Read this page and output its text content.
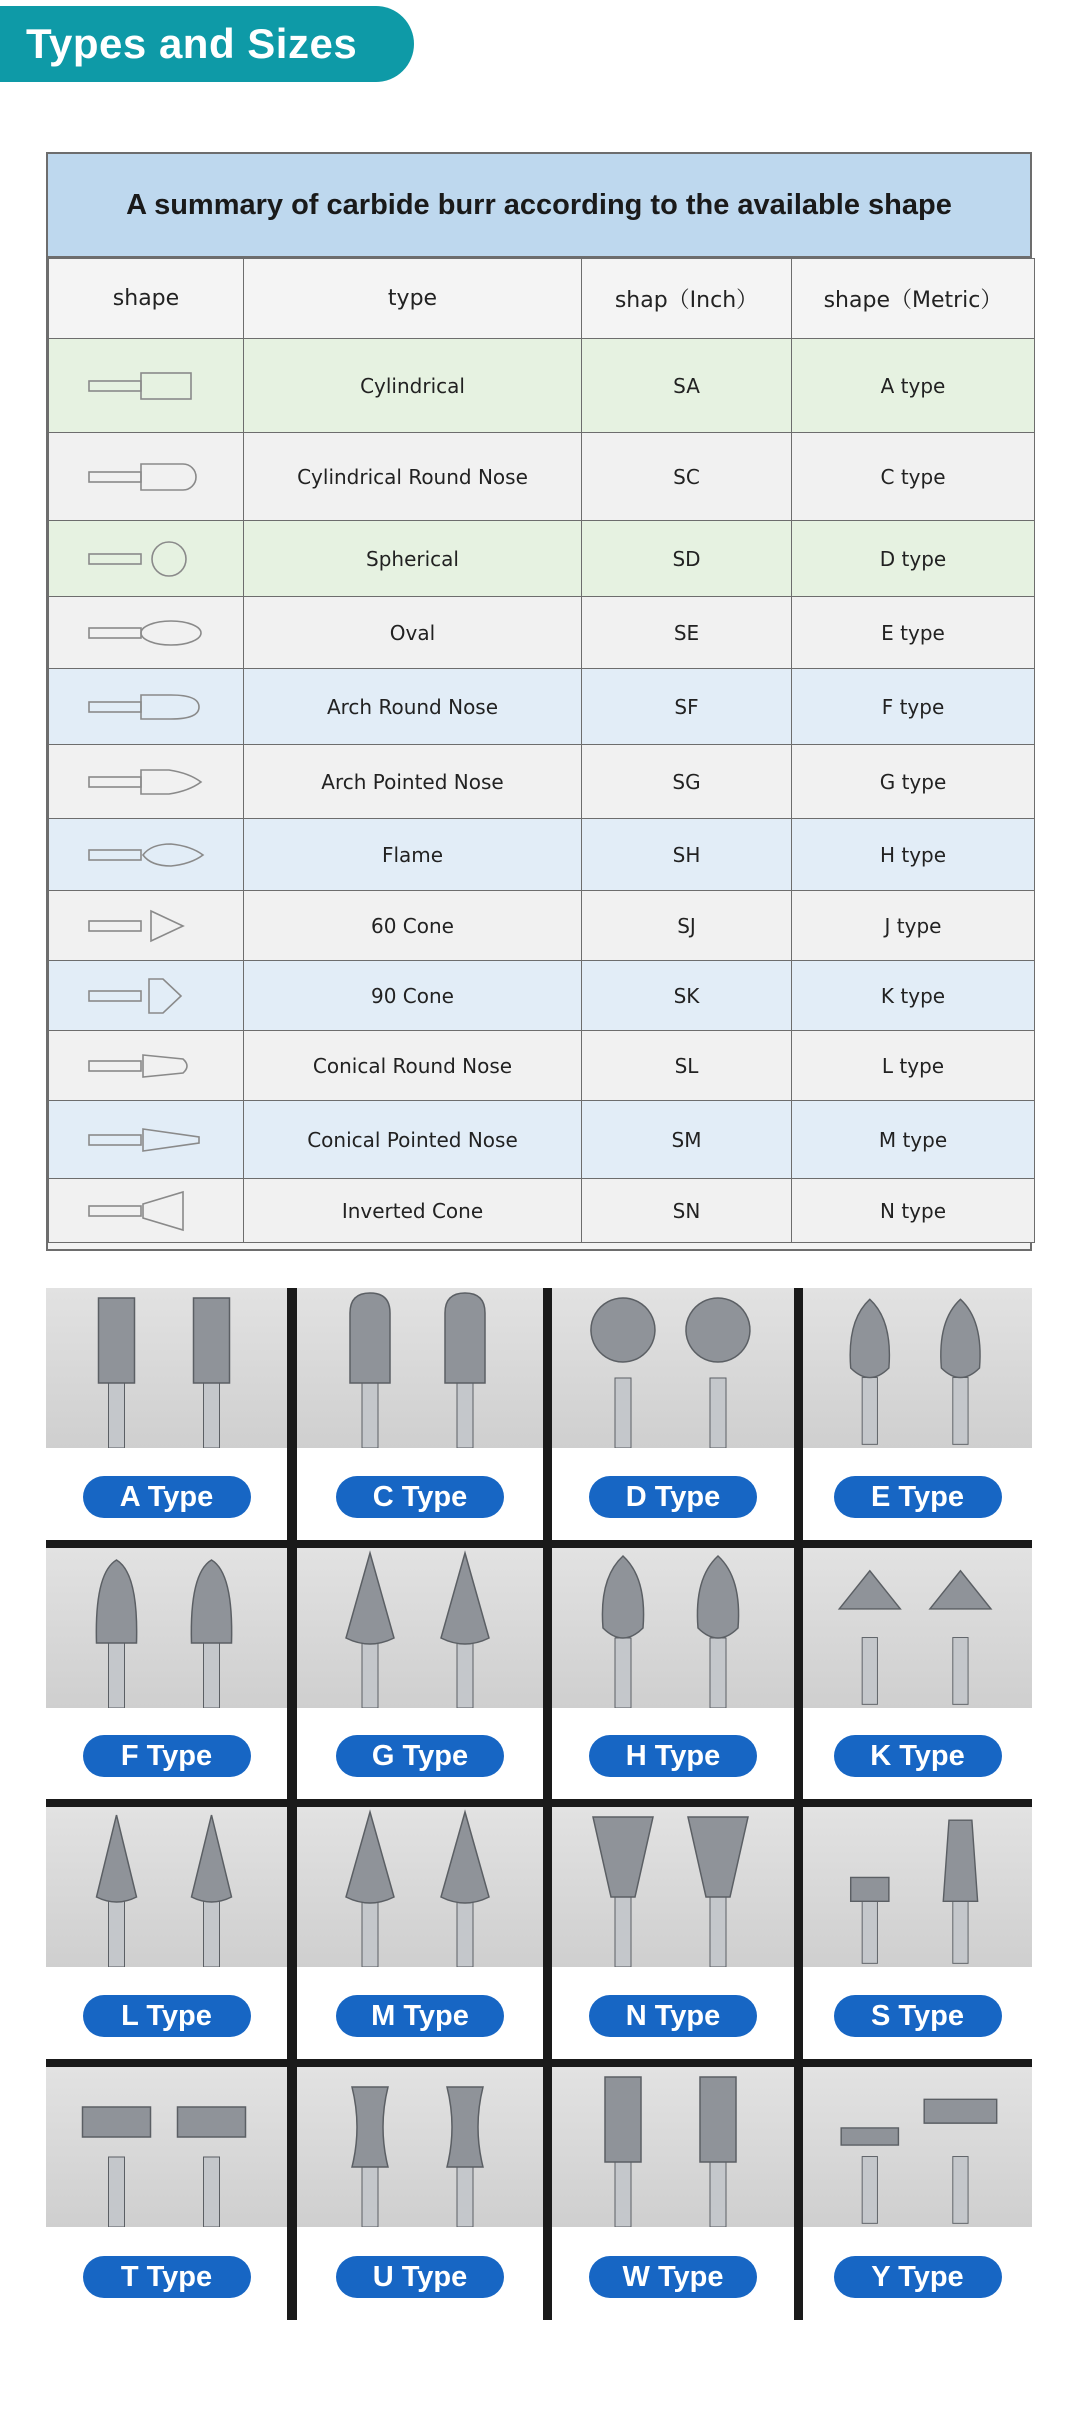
Types and Sizes
A summary of carbide burr according to the available shape
shape	type	shap（Inch）	shape（Metric）

	Cylindrical	SA	A type

	Cylindrical Round Nose	SC	C type

	Spherical	SD	D type

	Oval	SE	E type

	Arch Round Nose	SF	F type

	Arch Pointed Nose	SG	G type

	Flame	SH	H type

	60 Cone	SJ	J type

	90 Cone	SK	K type

	Conical Round Nose	SL	L type

	Conical Pointed Nose	SM	M type

	Inverted Cone	SN	N type
A Type	C Type	D Type	E Type
F Type	G Type	H Type	K Type
L Type	M Type	N Type	S Type
T Type	U Type	W Type	Y Type
